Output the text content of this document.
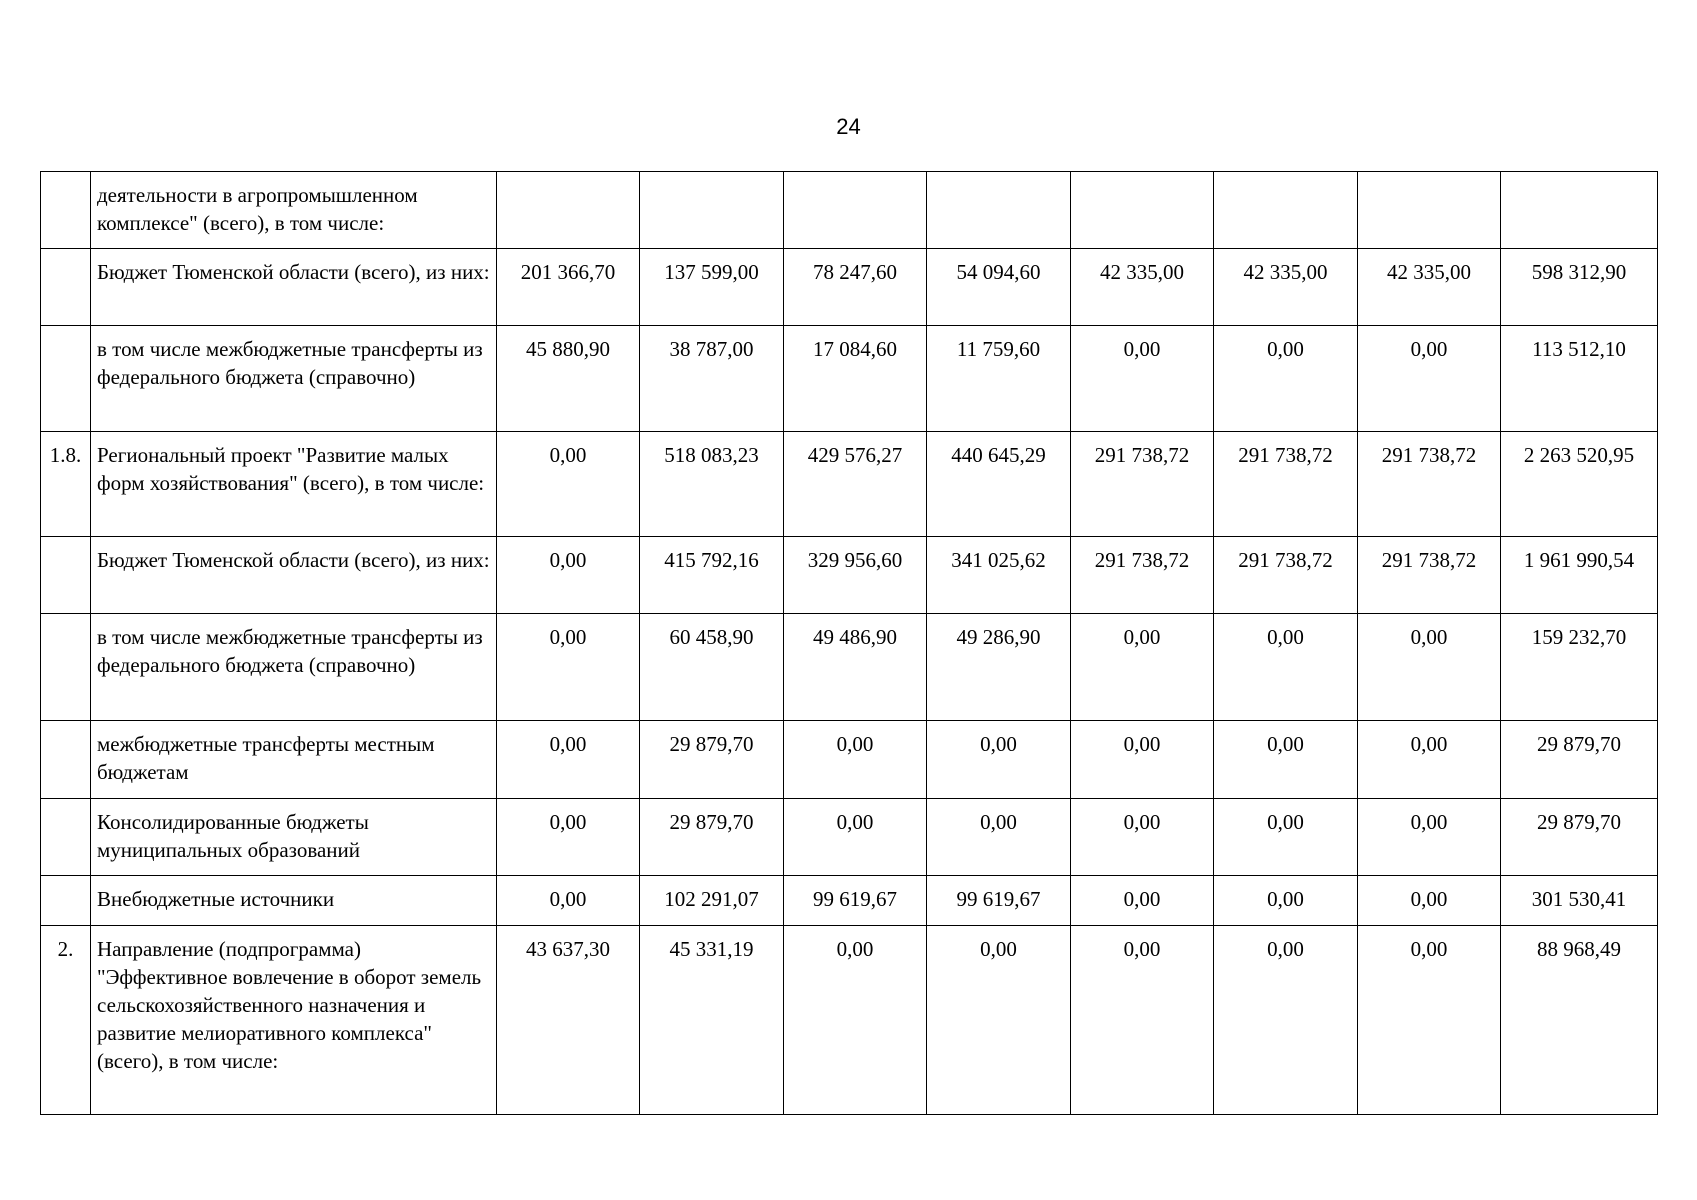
24
	деятельности в агропромышленном комплексе" (всего), в том числе:								
	Бюджет Тюменской области (всего), из них:	201 366,70	137 599,00	78 247,60	54 094,60	42 335,00	42 335,00	42 335,00	598 312,90
	в том числе межбюджетные трансферты из федерального бюджета (справочно)	45 880,90	38 787,00	17 084,60	11 759,60	0,00	0,00	0,00	113 512,10
1.8.	Региональный проект "Развитие малых форм хозяйствования" (всего), в том числе:	0,00	518 083,23	429 576,27	440 645,29	291 738,72	291 738,72	291 738,72	2 263 520,95
	Бюджет Тюменской области (всего), из них:	0,00	415 792,16	329 956,60	341 025,62	291 738,72	291 738,72	291 738,72	1 961 990,54
	в том числе межбюджетные трансферты из федерального бюджета (справочно)	0,00	60 458,90	49 486,90	49 286,90	0,00	0,00	0,00	159 232,70
	межбюджетные трансферты местным бюджетам	0,00	29 879,70	0,00	0,00	0,00	0,00	0,00	29 879,70
	Консолидированные бюджеты муниципальных образований	0,00	29 879,70	0,00	0,00	0,00	0,00	0,00	29 879,70
	Внебюджетные источники	0,00	102 291,07	99 619,67	99 619,67	0,00	0,00	0,00	301 530,41
2.	Направление (подпрограмма) "Эффективное вовлечение в оборот земель сельскохозяйственного назначения и развитие мелиоративного комплекса" (всего), в том числе:	43 637,30	45 331,19	0,00	0,00	0,00	0,00	0,00	88 968,49
